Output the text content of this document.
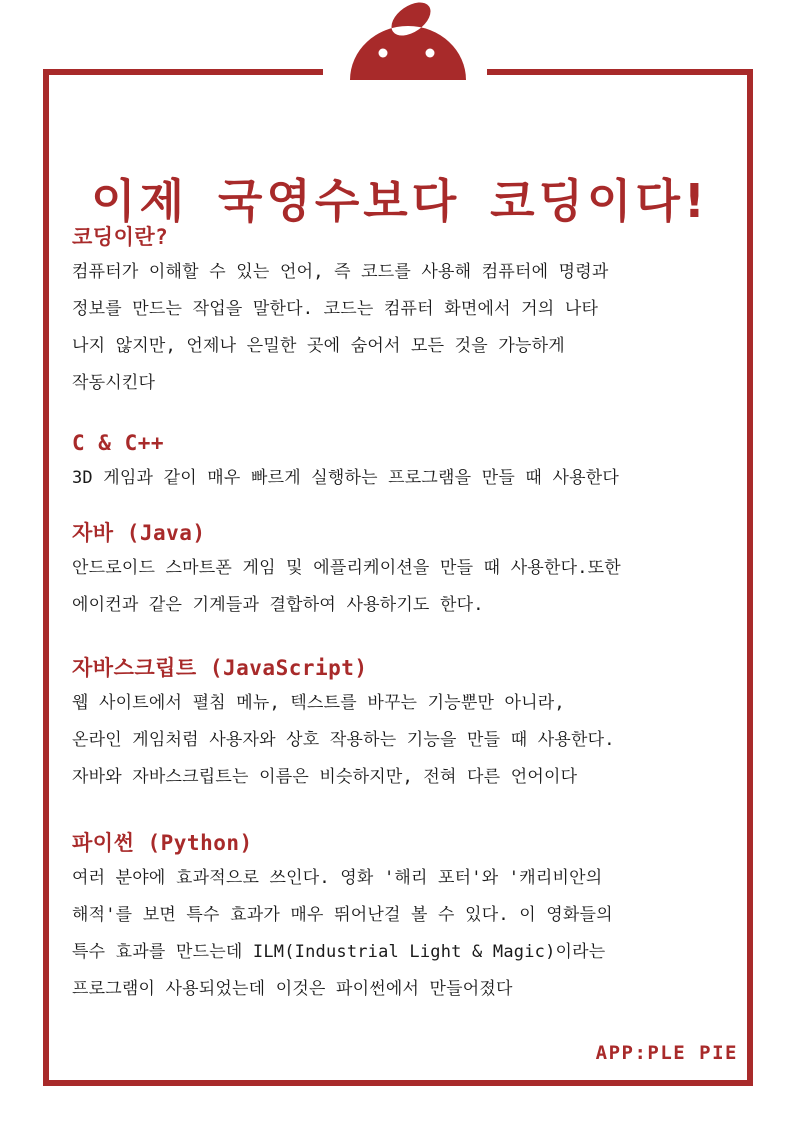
이제 국영수보다 코딩이다!
코딩이란?
컴퓨터가 이해할 수 있는 언어, 즉 코드를 사용해 컴퓨터에 명령과
정보를 만드는 작업을 말한다. 코드는 컴퓨터 화면에서 거의 나타
나지 않지만, 언제나 은밀한 곳에 숨어서 모든 것을 가능하게
작동시킨다
C & C++
3D 게임과 같이 매우 빠르게 실행하는 프로그램을 만들 때 사용한다
자바 (Java)
안드로이드 스마트폰 게임 및 에플리케이션을 만들 때 사용한다.또한
에이컨과 같은 기계들과 결합하여 사용하기도 한다.
자바스크립트 (JavaScript)
웹 사이트에서 펼침 메뉴, 텍스트를 바꾸는 기능뿐만 아니라,
온라인 게임처럼 사용자와 상호 작용하는 기능을 만들 때 사용한다.
자바와 자바스크립트는 이름은 비슷하지만, 전혀 다른 언어이다
파이썬 (Python)
여러 분야에 효과적으로 쓰인다. 영화 '해리 포터'와 '캐리비안의
해적'를 보면 특수 효과가 매우 뛰어난걸 볼 수 있다. 이 영화들의
특수 효과를 만드는데 ILM(Industrial Light & Magic)이라는
프로그램이 사용되었는데 이것은 파이썬에서 만들어졌다
APP:PLE PIE
